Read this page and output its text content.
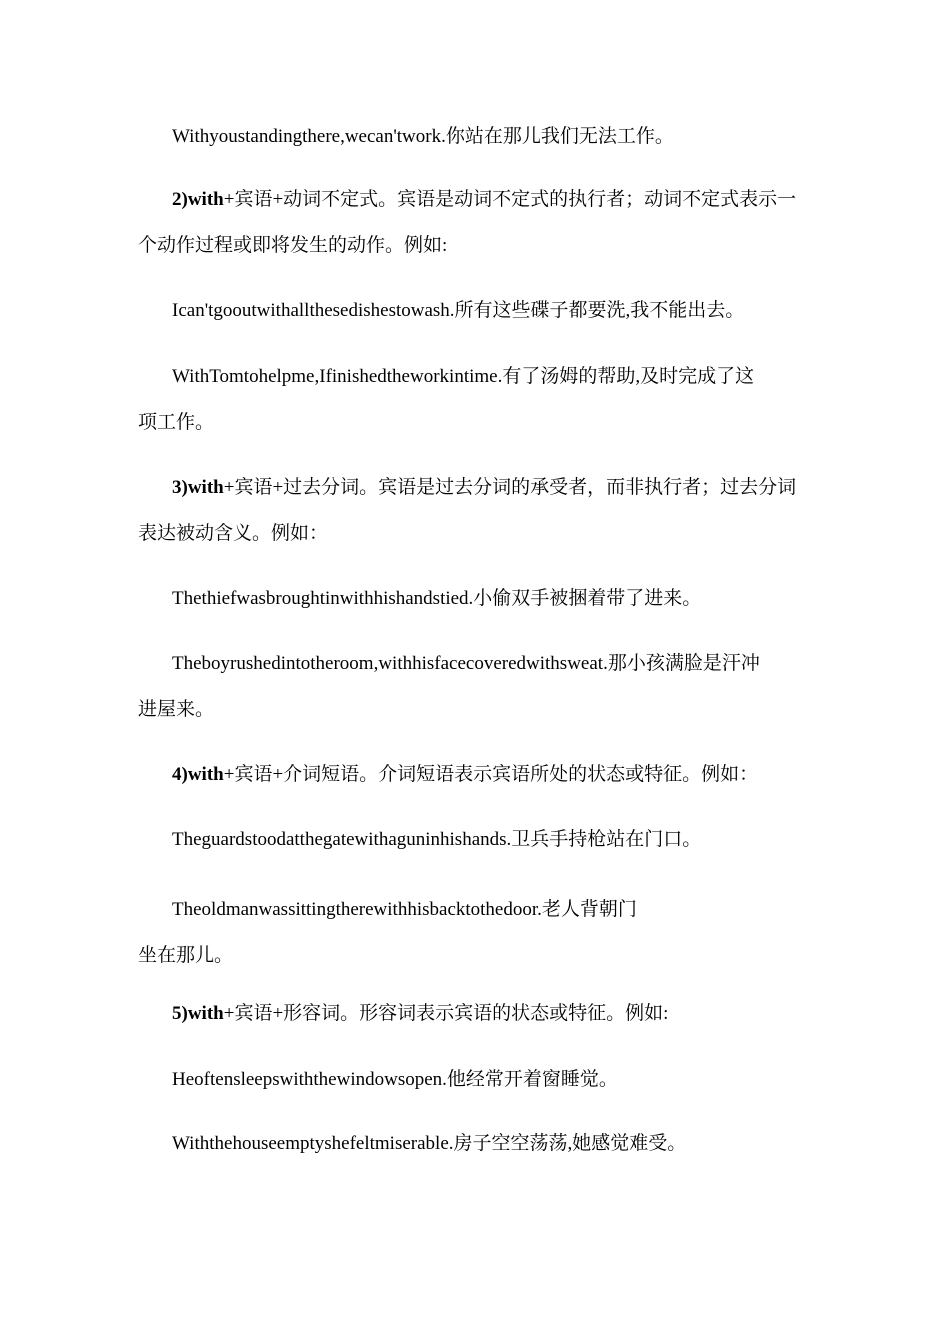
Withyoustandingthere,wecan'twork.你站在那儿我们无法工作。

2)with+宾语+动词不定式。宾语是动词不定式的执行者；动词不定式表示一

个动作过程或即将发生的动作。例如:

Ican'tgooutwithallthesedishestowash.所有这些碟子都要洗,我不能出去。

WithTomtohelpme,Ifinishedtheworkintime.有了汤姆的帮助,及时完成了这

项工作。

3)with+宾语+过去分词。宾语是过去分词的承受者，而非执行者；过去分词

表达被动含义。例如：

Thethiefwasbroughtinwithhishandstied.小偷双手被捆着带了进来。

Theboyrushedintotheroom,withhisfacecoveredwithsweat.那小孩满脸是汗冲

进屋来。

4)with+宾语+介词短语。介词短语表示宾语所处的状态或特征。例如：

Theguardstoodatthegatewithaguninhishands.卫兵手持枪站在门口。

Theoldmanwassittingtherewithhisbacktothedoor.老人背朝门

坐在那儿。

5)with+宾语+形容词。形容词表示宾语的状态或特征。例如:

Heoftensleepswiththewindowsopen.他经常开着窗睡觉。

Withthehouseemptyshefeltmiserable.房子空空荡荡,她感觉难受。
